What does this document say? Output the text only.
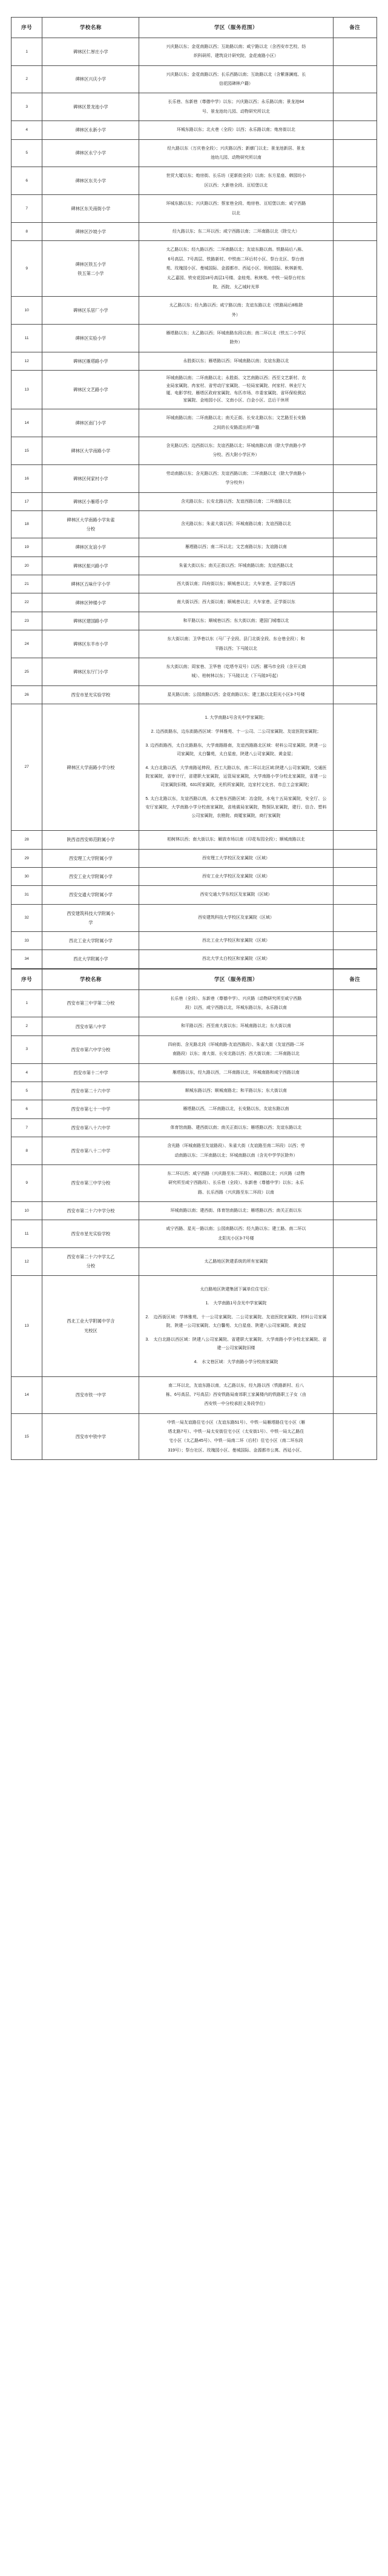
序号	学校名称	学区（服务范围）	备注
1	碑林区仁厚庄小学	兴庆路以东；金花南路以西；互助路以南；咸宁路以北（含西安市艺校、纺
织科研所、建筑设计研究院、金花南路小区）	

2	碑林区兴庆小学	兴庆路以东；金花南路以西；长乐西路以南；互助路以北（含紫落澜庭、长
信花园碑林户籍）	

3	碑林区景龙池小学	长乐巷、东新巷（尊德中学）以东；兴庆路以西；永乐路以南；景龙池64
号、景龙池幼儿园、动物研究所以北	

4	碑林区永新小学	环城东路以东；北火巷（全段）以西；永乐路以南；炮房街以北	

5	碑林区永宁小学	经九路以东（万庆巷全段）；兴庆路以西；新廓门以北；景龙池新居、景龙
池幼儿园、动物研究所以南	

6	碑林区东关小学	世贸大厦以东；炮房街、长乐坊（更新街全段）以南；东方星座、韩园坊小
区以西；大新巷全段、亘垣堡以北	

7	碑林区东关南街小学	环城东路以东；兴庆路以西；蔡家巷全段、炮房巷、亘垣堡以南；咸宁西路
以北	

8	碑林区沙坡小学	经九路以东；东二环以西；咸宁西路以南；二环南路以北（除交大）	

9	碑林区铁五小学
铁五第二小学	太乙路以东；经九路以西；二环南路以北；友谊东路以南。铁路局后八栋、
6号高层、7号高层、铁路新村、中铁南二环后村小区、祭台北区、祭台南
苑、玫瑰园小区、曼城国际、金源都市、西延小区、领地国际、秋林新苑、
太乙嘉园、铁安花园18号高层1号楼、金桂苑、秋林苑、中铁一局祭台村东
院、西院、太乙城时光界	

10	碑林区乐居厂小学	太乙路以东；经九路以西；咸宁路以南；友谊东路以北（铁路局后8栋除
外）	

11	碑林区实验小学	雁塔路以东；太乙路以西；环城南路东段以南；南二环以北（铁五二小学区
除外）	

12	碑林区雁塔路小学	永胜街以东；雁塔路以西；环城南路以南；友谊东路以北	

13	碑林区文艺路小学	环城南路以南；二环南路以北；永胜街、文艺南路以西；西至文艺新村、农
业局家属院、冉家村、省劳动厅家属院、一轻局家属院、何家村、林业厅大
厦、电影学校、雁塔区政府家属院、布匹市场、市委家属院、省环保检测站
家属院、金地园小区、文南小区、白金小区、总后干休所	

14	碑林区南门小学	环城南路以南；二环南路以北；南关正街、长安北路以东；文艺路至长安路
之间的长安路派出所户籍	

15	碑林区大学南路小学	含光路以西；边西街以东；友谊西路以北；环城南路以南（除大学南路小学
分校、西大附小学区外）	

16	碑林区何家村小学	劳动南路以东；含光路以西；友谊西路以南；二环南路以北（除大学南路小
学分校外）	

17	碑林区小雁塔小学	含光路以东；长安北路以西；友谊西路以南；二环南路以北	

18	碑林区大学南路小学朱雀
分校	含光路以东；朱雀大街以西；环城南路以南；友谊西路以北	

19	碑林区友谊小学	雁塔路以西；南二环以北；文艺南路以东；友谊路以南	

20	碑林区振兴路小学	朱雀大街以东；南关正街以西；环城南路以南；友谊西路以北	

21	碑林区五味什字小学	西大街以南；四府街以东；顺城巷以北；大车家巷、正学街以西	

22	碑林区钟楼小学	南大街以西；西大街以南；顺城巷以北；大车家巷、正学街以东	

23	碑林区建国路小学	和平路以东；顺城巷以西；东大街以南；建国门城墙以北	

24	碑林区东羊市小学	东大街以南；卫华巷以东（马厂子全段、县门北街全段、东仓巷全段）；和
平路以西；下马陵以北	

25	碑林区东厅门小学	东大街以南；周家巷、卫华巷（圪塔寺双号）以西；骡马市全段（含开元商
城）、柏树林以东；下马陵以北（下马陵3号起）	

26	西安市星光实验学校	星光路以南；公园南路以西；金花南路以东；建工路以北阳光小区3-7号楼	

27	碑林区大学南路小学分校	1. 大学南路1号含光中学家属院；
2. 边西街路东，边东街路西区域：学林雅苑、十一公司、二公司家属院、友谊医院家属院；
3. 边西街路西，太白北路路东，大学南路路南，友谊西路路北区域：材料公司家属院、陕建一公司家属院，太白馨苑，太白星座，陕建八公司家属院、黄金屋；
4. 太白北路以西，大学南路延伸段，西工大路以东，南二环以北区域:陕建八公司家属院，交通医院家属院，省审计厅，省建职大家属院，运管局家属院，大学南路小学分校北家属院，省建一公司家属院旧楼，631所家属院，光机所家属院，边家村文化宫、市总工会家属院；
5. 太白北路以东，友谊西路以南，水文巷东西路区域：冶金院，水电十五局家属院，安全厅、公安厅家属院，大学南路小学分校南家属院，省地震局家属院，物探队家属院，建行、信合、塑料公司家属院，农勘院、商厦家属院，商行家属院	

28	陕西省西安师范附属小学	柏树林以西；南大街以东；解放市场以南（印花布园全段）；顺城南路以北	

29	西安理工大学附属小学	西安理工大学校区及家属院（区域）	

30	西安工业大学附属小学	西安工业大学校区及家属院（区域）	

31	西安交通大学附属小学	西安交通大学东校区及家属院（区域）	

32	西安建筑科技大学附属小
学	西安建筑科技大学校区及家属院（区域）	

33	西北工业大学附属小学	西北工业大学校区和家属院（区域）	

34	西北大学附属小学	西北大学太白校区和家属院（区域）	

序号	学校名称	学区（服务范围）	备注
1	西安市第三中学第二分校	长乐巷（全段）、东新巷（尊德中学）、兴庆路（动物研究所至咸宁西路
段）以西，咸宁西路以北，环城东路以东，永乐路以南	

2	西安市第八中学	和平路以西；西至南大街以东；环城南路以北；东大街以南	

3	西安市第六中学分校	四府街、含光路北段（环城南路-友谊西路段）、朱雀大街（友谊西路-二环
南路段）以东；南大街、长安北路以西；西大街以南；二环南路以北	

4	西安市第十二中学	雁塔路以东，经九路以西，二环南路以北，环城南路和咸宁西路以南	

5	西安市第二十六中学	顺城东路以西；顺城南路北；和平路以东；东大街以南	

6	西安市第七十一中学	雁塔路以西，二环南路以北，长安路以东，友谊东路以南	

7	西安市第八十六中学	体育馆南路、建西街以南；南关正街以东；雁塔路以西；友谊东路以北	

8	西安市第八十二中学	含光路（环城南路至友谊路段）、朱雀大街（友谊路至南二环段）以西；劳
动南路以东；二环南路以北；环城南路以南（含光中学学区除外）	

9	西安市第三中学分校	东二环以西；咸宁西路（兴庆路至东二环段）、柿园路以北；兴庆路（动物
研究所至咸宁西路段）、长乐巷（全段）、东新巷（尊德中学）以东；永乐
路、长乐西路（兴庆路至东二环段）以南	

10	西安市第二十六中学分校	环城南路以南；建西街、体育馆南路以北；雁塔路以西；南关正街以东	

11	西安市星光实验学校	咸宁西路、星光一路以南；公园南路以西；经九路以东；建工路、南二环以
北阳光小区3-7号楼	

12	西安市第二十六中学太乙
分校	太乙路地区陕建系统的所有家属院	

13	西北工业大学附属中学含
光校区	太白路地区陕建集团下属单位住宅区：
1.　大学南路1号含光中学家属院
2.　边西街区域：学林雅苑、十一公司家属院、二公司家属院、友谊医院家属院、材料公司家属院、陕建一公司家属院、太白馨苑、太白星座、陕建八公司家属院、黄金屋
3.　太白北路以西区域：陕建八公司家属院、省建职大家属院、大学南路小学分校北家属院、省建一公司家属院旧楼
4.　水文巷区域：大学南路小学分校南家属院	

14	西安市铁一中学	南二环以北，友谊东路以南，太乙路以东，经九路以西（铁路新村、后八
栋、6号高层、7号高层）西安铁路局南郊职工家属楼内的铁路职工子女（由
西安铁一中分校承担义务段学位）	

15	西安市中铁中学	中铁一局友谊路住宅小区（友谊东路51号）、中铁一局雁塔路住宅小区（雁
塔北路7号）、中铁一局太安街住宅小区（太安街1号）、中铁一局太乙路住
宅小区（太乙路45号）、中铁一局南二环（后村）住宅小区（南二环东段
319号）；祭台社区、玫瑰园小区、曼城国际、金源都市公寓、西延小区、	
